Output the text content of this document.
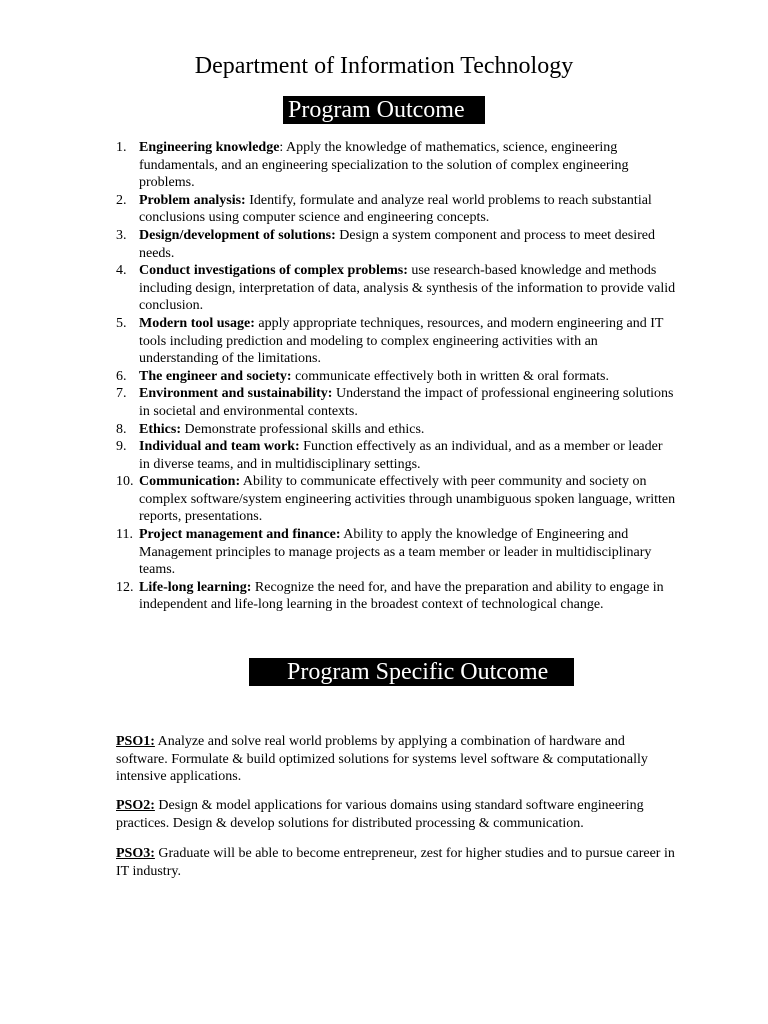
Department of Information Technology
Program Outcome
1. Engineering knowledge: Apply the knowledge of mathematics, science, engineering fundamentals, and an engineering specialization to the solution of complex engineering problems.
2. Problem analysis: Identify, formulate and analyze real world problems to reach substantial conclusions using computer science and engineering concepts.
3. Design/development of solutions: Design a system component and process to meet desired needs.
4. Conduct investigations of complex problems: use research-based knowledge and methods including design, interpretation of data, analysis & synthesis of the information to provide valid conclusion.
5. Modern tool usage: apply appropriate techniques, resources, and modern engineering and IT tools including prediction and modeling to complex engineering activities with an understanding of the limitations.
6. The engineer and society: communicate effectively both in written & oral formats.
7. Environment and sustainability: Understand the impact of professional engineering solutions in societal and environmental contexts.
8. Ethics: Demonstrate professional skills and ethics.
9. Individual and team work: Function effectively as an individual, and as a member or leader in diverse teams, and in multidisciplinary settings.
10. Communication: Ability to communicate effectively with peer community and society on complex software/system engineering activities through unambiguous spoken language, written reports, presentations.
11. Project management and finance: Ability to apply the knowledge of Engineering and Management principles to manage projects as a team member or leader in multidisciplinary teams.
12. Life-long learning: Recognize the need for, and have the preparation and ability to engage in independent and life-long learning in the broadest context of technological change.
Program Specific Outcome

PSO1: Analyze and solve real world problems by applying a combination of hardware and software. Formulate & build optimized solutions for systems level software & computationally intensive applications.

PSO2: Design & model applications for various domains using standard software engineering practices. Design & develop solutions for distributed processing & communication.

PSO3: Graduate will be able to become entrepreneur, zest for higher studies and to pursue career in IT industry.
